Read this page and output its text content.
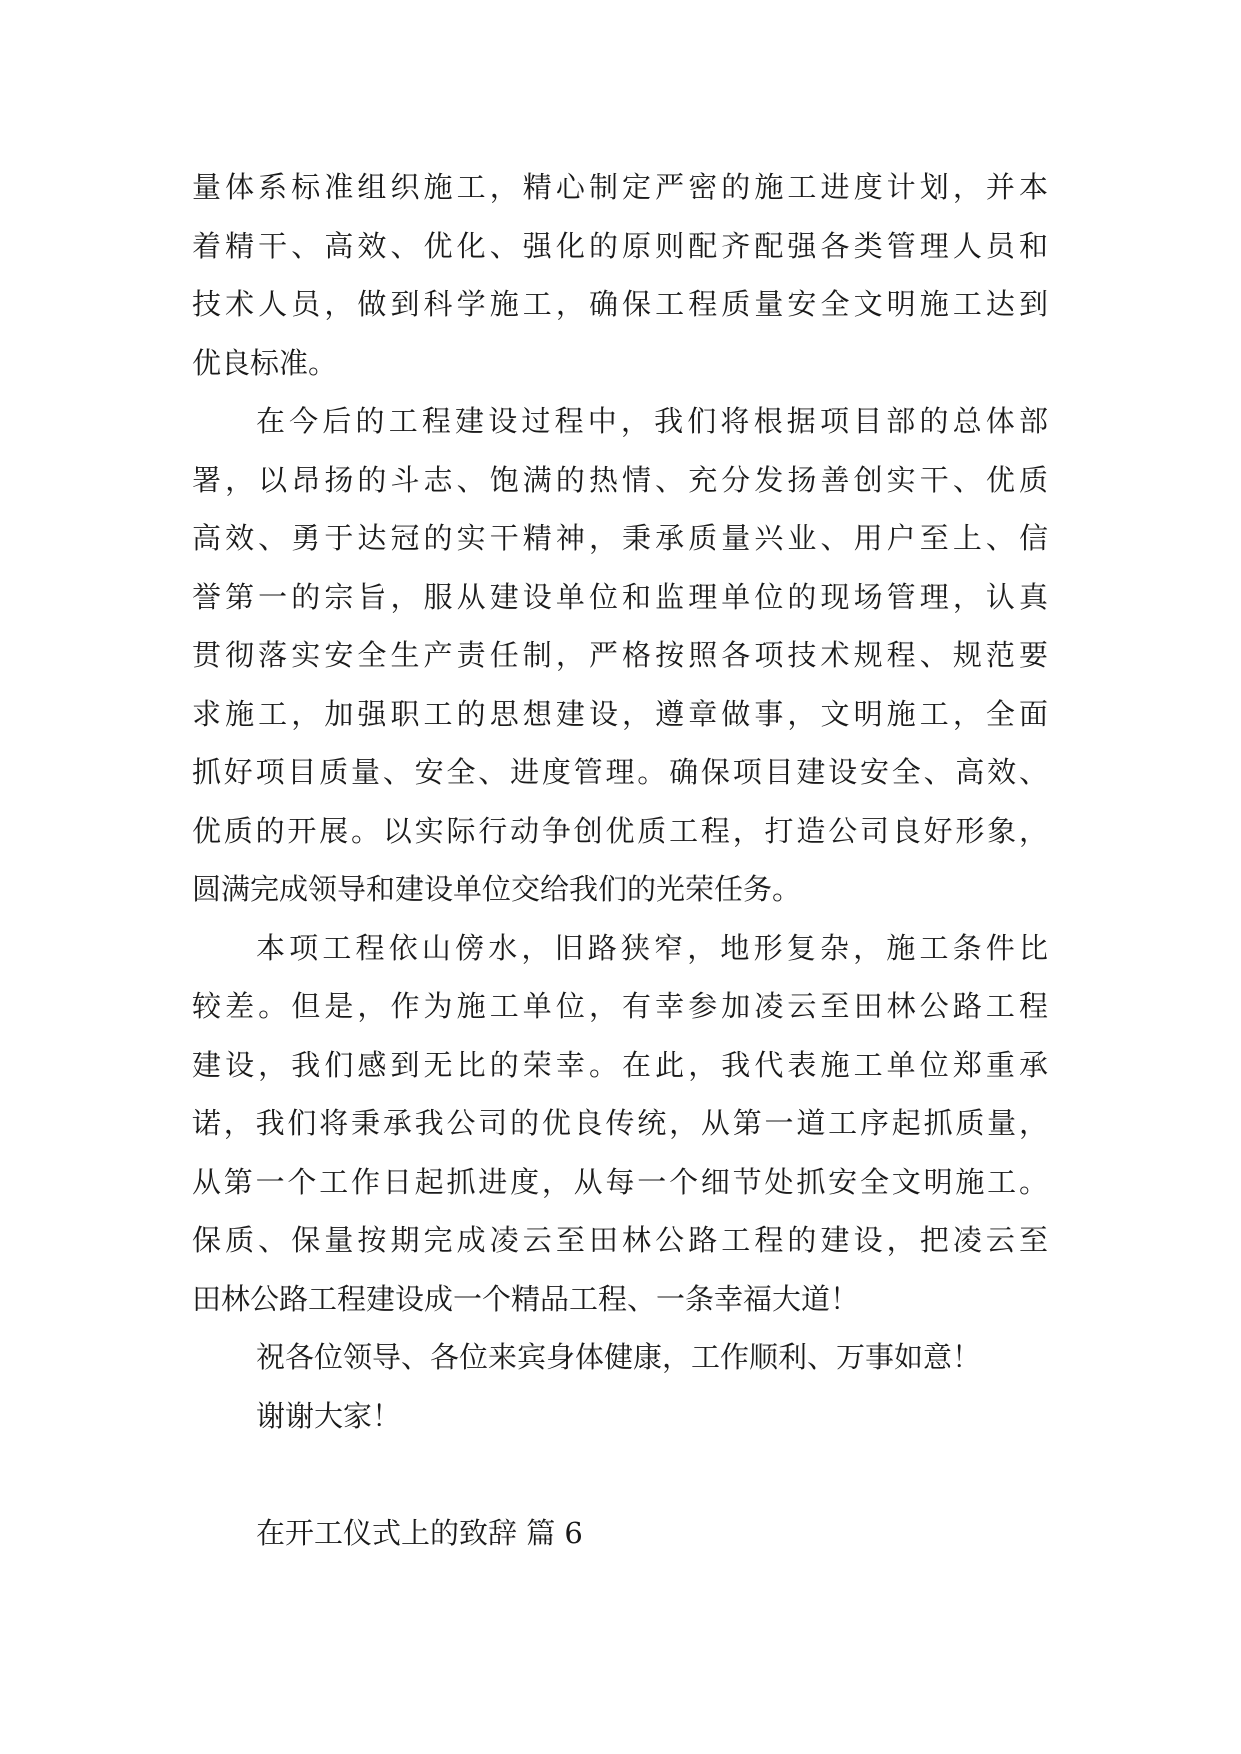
量体系标准组织施工，精心制定严密的施工进度计划，并本
着精干、高效、优化、强化的原则配齐配强各类管理人员和
技术人员，做到科学施工，确保工程质量安全文明施工达到
优良标准。
在今后的工程建设过程中，我们将根据项目部的总体部
署，以昂扬的斗志、饱满的热情、充分发扬善创实干、优质
高效、勇于达冠的实干精神，秉承质量兴业、用户至上、信
誉第一的宗旨，服从建设单位和监理单位的现场管理，认真
贯彻落实安全生产责任制，严格按照各项技术规程、规范要
求施工，加强职工的思想建设，遵章做事，文明施工，全面
抓好项目质量、安全、进度管理。确保项目建设安全、高效、
优质的开展。以实际行动争创优质工程，打造公司良好形象，
圆满完成领导和建设单位交给我们的光荣任务。
本项工程依山傍水，旧路狭窄，地形复杂，施工条件比
较差。但是，作为施工单位，有幸参加凌云至田林公路工程
建设，我们感到无比的荣幸。在此，我代表施工单位郑重承
诺，我们将秉承我公司的优良传统，从第一道工序起抓质量，
从第一个工作日起抓进度，从每一个细节处抓安全文明施工。
保质、保量按期完成凌云至田林公路工程的建设，把凌云至
田林公路工程建设成一个精品工程、一条幸福大道！
祝各位领导、各位来宾身体健康，工作顺利、万事如意！
谢谢大家！
在开工仪式上的致辞 篇 6
